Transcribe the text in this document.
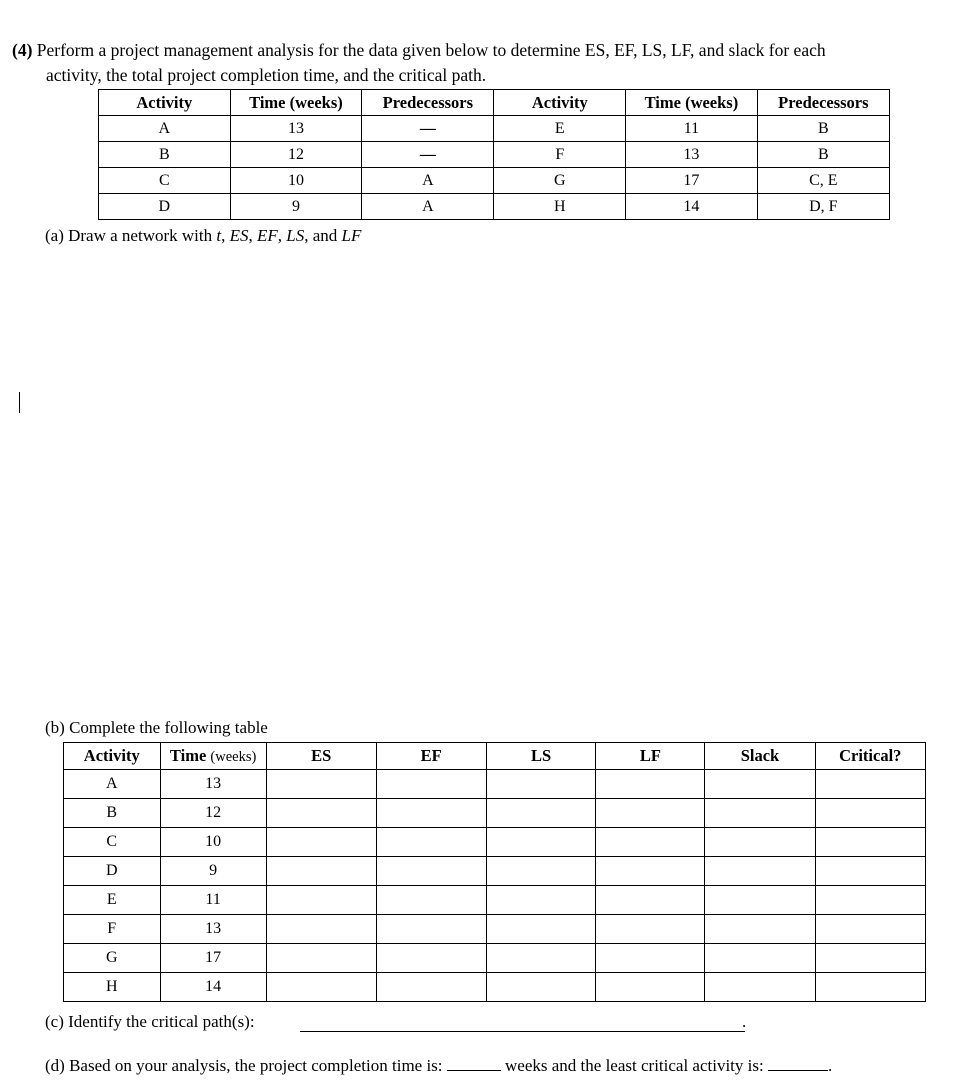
(4) Perform a project management analysis for the data given below to determine ES, EF, LS, LF, and slack for each
activity, the total project completion time, and the critical path.
Activity	Time (weeks)	Predecessors	Activity	Time (weeks)	Predecessors
A	13	—	E	11	B
B	12	—	F	13	B
C	10	A	G	17	C, E
D	9	A	H	14	D, F
(a) Draw a network with t, ES, EF, LS, and LF
(b) Complete the following table
Activity	Time (weeks)	ES	EF	LS	LF	Slack	Critical?
A	13						
B	12						
C	10						
D	9						
E	11						
F	13						
G	17						
H	14						
(c) Identify the critical path(s):	.
(d) Based on your analysis, the project completion time is:	weeks and the least critical activity is:	.
